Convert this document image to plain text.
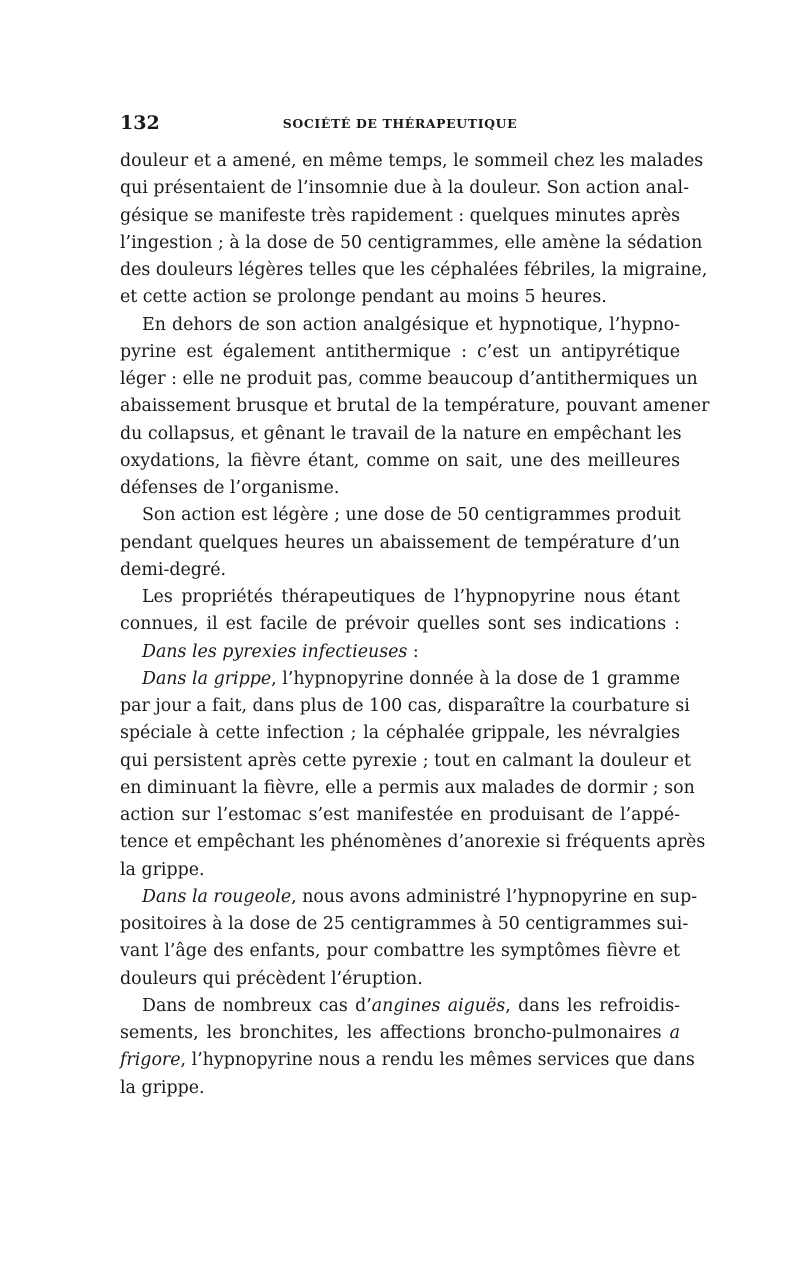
132	SOCIÉTÉ DE THÉRAPEUTIQUE
douleur et a amené, en même temps, le sommeil chez les malades
qui présentaient de l’insomnie due à la douleur. Son action anal-
gésique se manifeste très rapidement : quelques minutes après
l’ingestion ; à la dose de 50 centigrammes, elle amène la sédation
des douleurs légères telles que les céphalées fébriles, la migraine,
et cette action se prolonge pendant au moins 5 heures.
En dehors de son action analgésique et hypnotique, l’hypno-
pyrine est également antithermique : c’est un antipyrétique
léger : elle ne produit pas, comme beaucoup d’antithermiques un
abaissement brusque et brutal de la température, pouvant amener
du collapsus, et gênant le travail de la nature en empêchant les
oxydations, la fièvre étant, comme on sait, une des meilleures
défenses de l’organisme.
Son action est légère ; une dose de 50 centigrammes produit
pendant quelques heures un abaissement de température d’un
demi-degré.
Les propriétés thérapeutiques de l’hypnopyrine nous étant
connues, il est facile de prévoir quelles sont ses indications :
Dans les pyrexies infectieuses :
Dans la grippe, l’hypnopyrine donnée à la dose de 1 gramme
par jour a fait, dans plus de 100 cas, disparaître la courbature si
spéciale à cette infection ; la céphalée grippale, les névralgies
qui persistent après cette pyrexie ; tout en calmant la douleur et
en diminuant la fièvre, elle a permis aux malades de dormir ; son
action sur l’estomac s’est manifestée en produisant de l’appé-
tence et empêchant les phénomènes d’anorexie si fréquents après
la grippe.
Dans la rougeole, nous avons administré l’hypnopyrine en sup-
positoires à la dose de 25 centigrammes à 50 centigrammes sui-
vant l’âge des enfants, pour combattre les symptômes fièvre et
douleurs qui précèdent l’éruption.
Dans de nombreux cas d’angines aiguës, dans les refroidis-
sements, les bronchites, les affections broncho-pulmonaires a
frigore, l’hypnopyrine nous a rendu les mêmes services que dans
la grippe.
